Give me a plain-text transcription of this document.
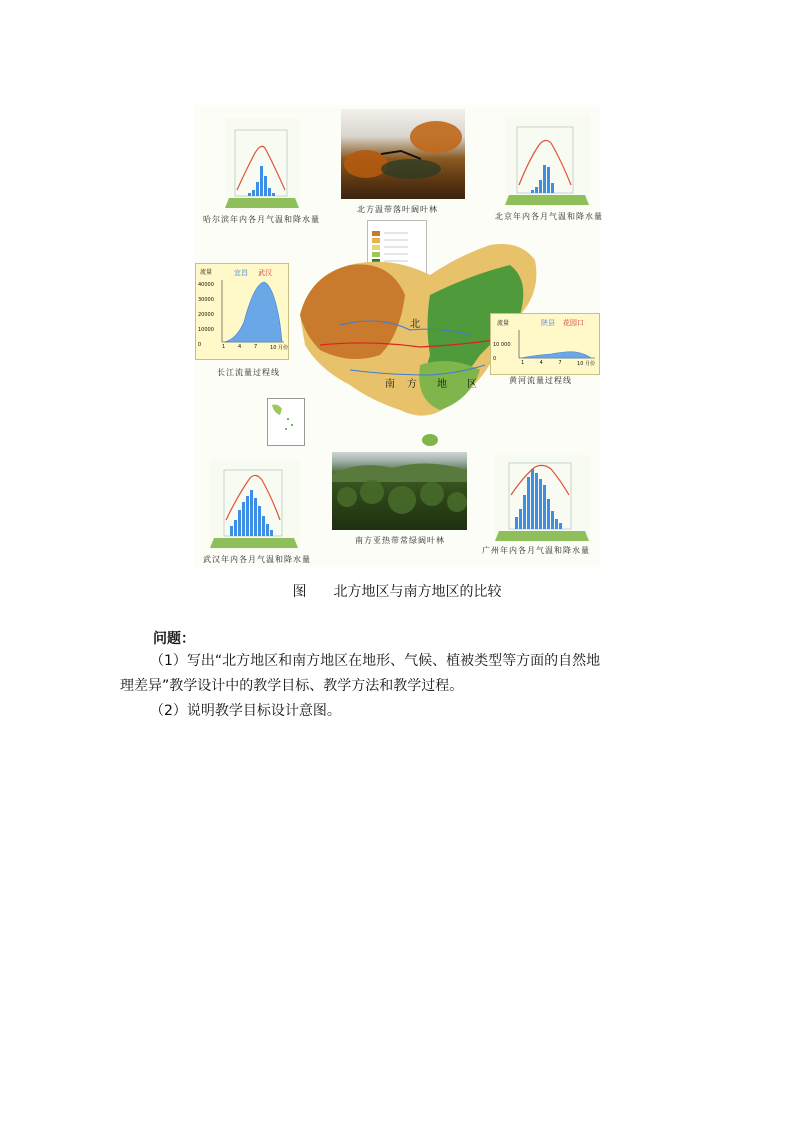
哈尔滨年内各月气温和降水量
北方温带落叶阔叶林
北京年内各月气温和降水量
北
南 方 地 区
流量	宜昌 武汉
40000
30000
20000
10000
0	1	4	7	10 月份
长江流量过程线
流量	陕县 花园口
10 000
0
1	4	7	10 月份
黄河流量过程线
武汉年内各月气温和降水量
南方亚热带常绿阔叶林
广州年内各月气温和降水量
图 北方地区与南方地区的比较
问题：
（1）写出“北方地区和南方地区在地形、气候、植被类型等方面的自然地
理差异”教学设计中的教学目标、教学方法和教学过程。
（2）说明教学目标设计意图。
